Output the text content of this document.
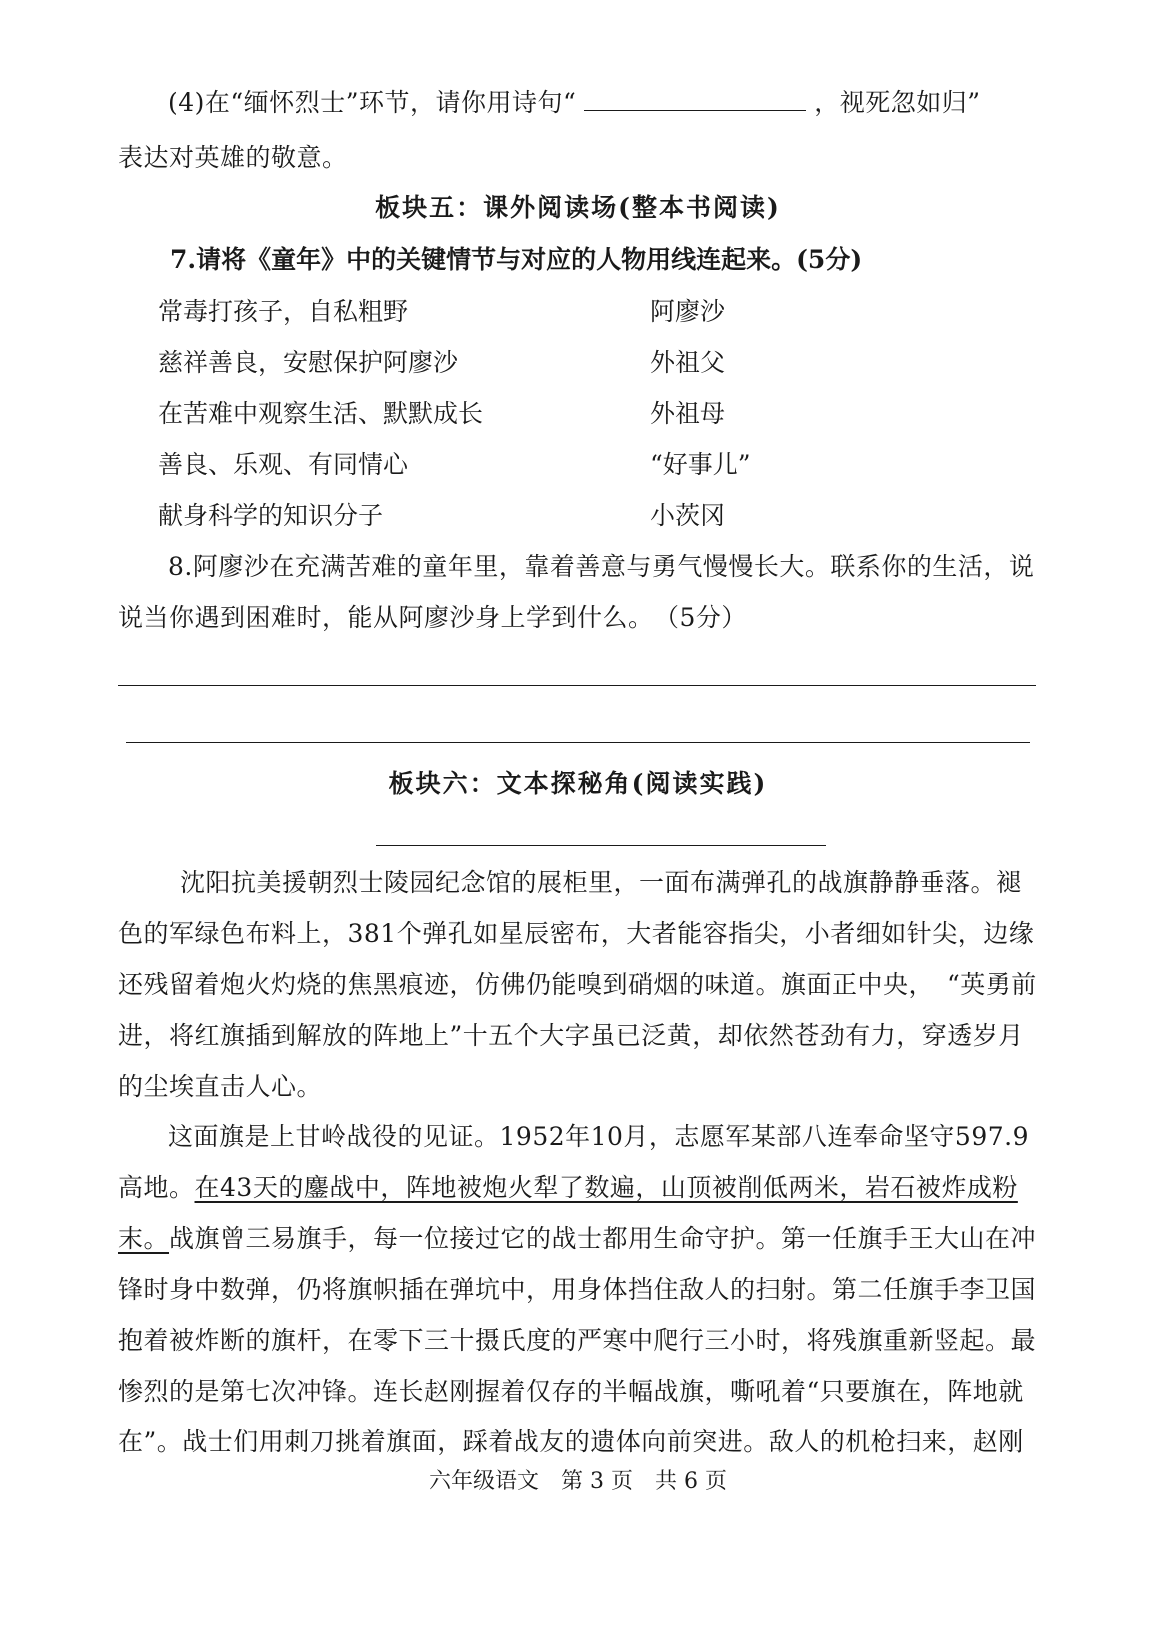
(4)在“缅怀烈士”环节，请你用诗句“	，视死忽如归”
表达对英雄的敬意。
板块五：课外阅读场(整本书阅读)
7.请将《童年》中的关键情节与对应的人物用线连起来。(5分)
常毒打孩子，自私粗野	阿廖沙
慈祥善良，安慰保护阿廖沙	外祖父
在苦难中观察生活、默默成长	外祖母
善良、乐观、有同情心	“好事儿”
献身科学的知识分子	小茨冈
8.阿廖沙在充满苦难的童年里，靠着善意与勇气慢慢长大。联系你的生活，说
说当你遇到困难时，能从阿廖沙身上学到什么。　（5分）
板块六：文本探秘角(阅读实践)
沈阳抗美援朝烈士陵园纪念馆的展柜里，一面布满弹孔的战旗静静垂落。褪
色的军绿色布料上，381个弹孔如星辰密布，大者能容指尖，小者细如针尖，边缘
还残留着炮火灼烧的焦黑痕迹，仿佛仍能嗅到硝烟的味道。旗面正中央，　“英勇前
进，将红旗插到解放的阵地上”十五个大字虽已泛黄，却依然苍劲有力，穿透岁月
的尘埃直击人心。
这面旗是上甘岭战役的见证。1952年10月，志愿军某部八连奉命坚守597.9
高地。在43天的鏖战中，阵地被炮火犁了数遍，山顶被削低两米，岩石被炸成粉
末。战旗曾三易旗手，每一位接过它的战士都用生命守护。第一任旗手王大山在冲
锋时身中数弹，仍将旗帜插在弹坑中，用身体挡住敌人的扫射。第二任旗手李卫国
抱着被炸断的旗杆，在零下三十摄氏度的严寒中爬行三小时，将残旗重新竖起。最
惨烈的是第七次冲锋。连长赵刚握着仅存的半幅战旗，嘶吼着“只要旗在，阵地就
在”。战士们用刺刀挑着旗面，踩着战友的遗体向前突进。敌人的机枪扫来，赵刚
六年级语文　第 3 页　共 6 页
